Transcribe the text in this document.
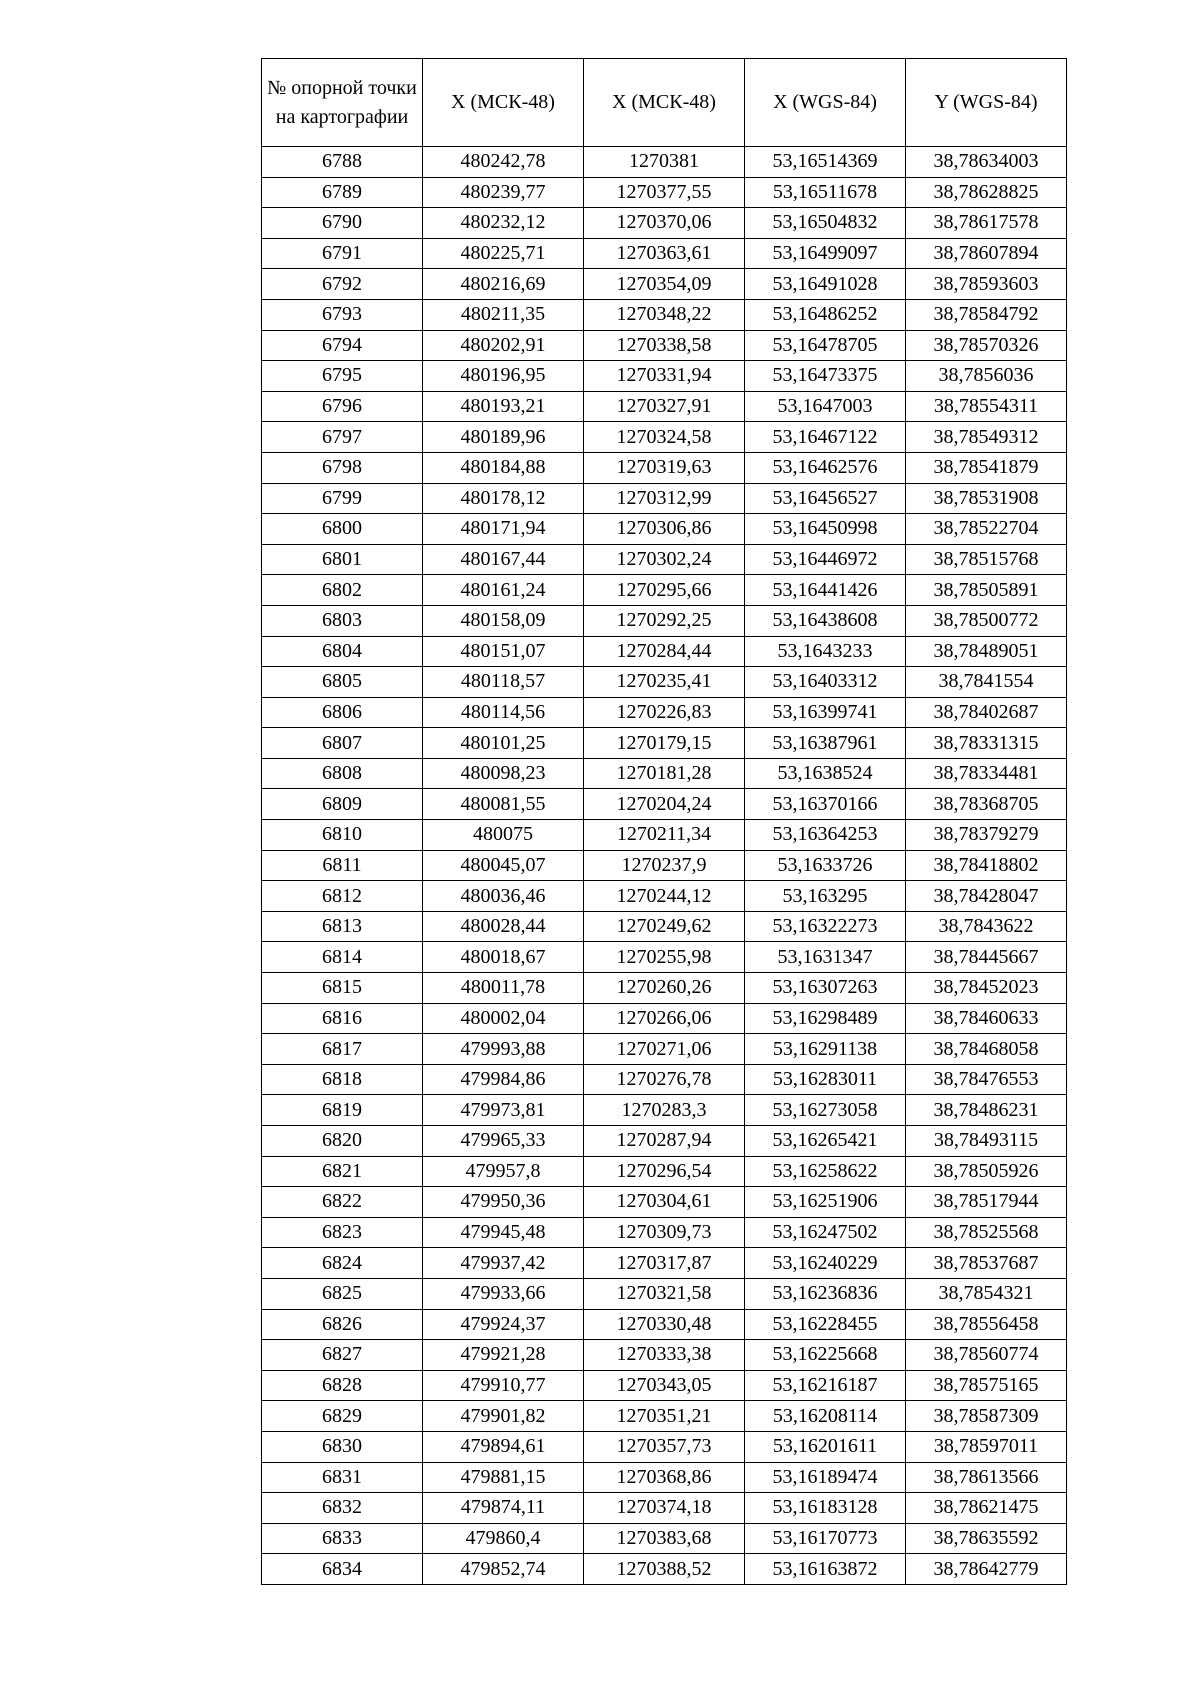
№ опорной точки на картографии	X (МСК-48)	X (МСК-48)	X (WGS-84)	Y (WGS-84)
6788	480242,78	1270381	53,16514369	38,78634003
6789	480239,77	1270377,55	53,16511678	38,78628825
6790	480232,12	1270370,06	53,16504832	38,78617578
6791	480225,71	1270363,61	53,16499097	38,78607894
6792	480216,69	1270354,09	53,16491028	38,78593603
6793	480211,35	1270348,22	53,16486252	38,78584792
6794	480202,91	1270338,58	53,16478705	38,78570326
6795	480196,95	1270331,94	53,16473375	38,7856036
6796	480193,21	1270327,91	53,1647003	38,78554311
6797	480189,96	1270324,58	53,16467122	38,78549312
6798	480184,88	1270319,63	53,16462576	38,78541879
6799	480178,12	1270312,99	53,16456527	38,78531908
6800	480171,94	1270306,86	53,16450998	38,78522704
6801	480167,44	1270302,24	53,16446972	38,78515768
6802	480161,24	1270295,66	53,16441426	38,78505891
6803	480158,09	1270292,25	53,16438608	38,78500772
6804	480151,07	1270284,44	53,1643233	38,78489051
6805	480118,57	1270235,41	53,16403312	38,7841554
6806	480114,56	1270226,83	53,16399741	38,78402687
6807	480101,25	1270179,15	53,16387961	38,78331315
6808	480098,23	1270181,28	53,1638524	38,78334481
6809	480081,55	1270204,24	53,16370166	38,78368705
6810	480075	1270211,34	53,16364253	38,78379279
6811	480045,07	1270237,9	53,1633726	38,78418802
6812	480036,46	1270244,12	53,163295	38,78428047
6813	480028,44	1270249,62	53,16322273	38,7843622
6814	480018,67	1270255,98	53,1631347	38,78445667
6815	480011,78	1270260,26	53,16307263	38,78452023
6816	480002,04	1270266,06	53,16298489	38,78460633
6817	479993,88	1270271,06	53,16291138	38,78468058
6818	479984,86	1270276,78	53,16283011	38,78476553
6819	479973,81	1270283,3	53,16273058	38,78486231
6820	479965,33	1270287,94	53,16265421	38,78493115
6821	479957,8	1270296,54	53,16258622	38,78505926
6822	479950,36	1270304,61	53,16251906	38,78517944
6823	479945,48	1270309,73	53,16247502	38,78525568
6824	479937,42	1270317,87	53,16240229	38,78537687
6825	479933,66	1270321,58	53,16236836	38,7854321
6826	479924,37	1270330,48	53,16228455	38,78556458
6827	479921,28	1270333,38	53,16225668	38,78560774
6828	479910,77	1270343,05	53,16216187	38,78575165
6829	479901,82	1270351,21	53,16208114	38,78587309
6830	479894,61	1270357,73	53,16201611	38,78597011
6831	479881,15	1270368,86	53,16189474	38,78613566
6832	479874,11	1270374,18	53,16183128	38,78621475
6833	479860,4	1270383,68	53,16170773	38,78635592
6834	479852,74	1270388,52	53,16163872	38,78642779
